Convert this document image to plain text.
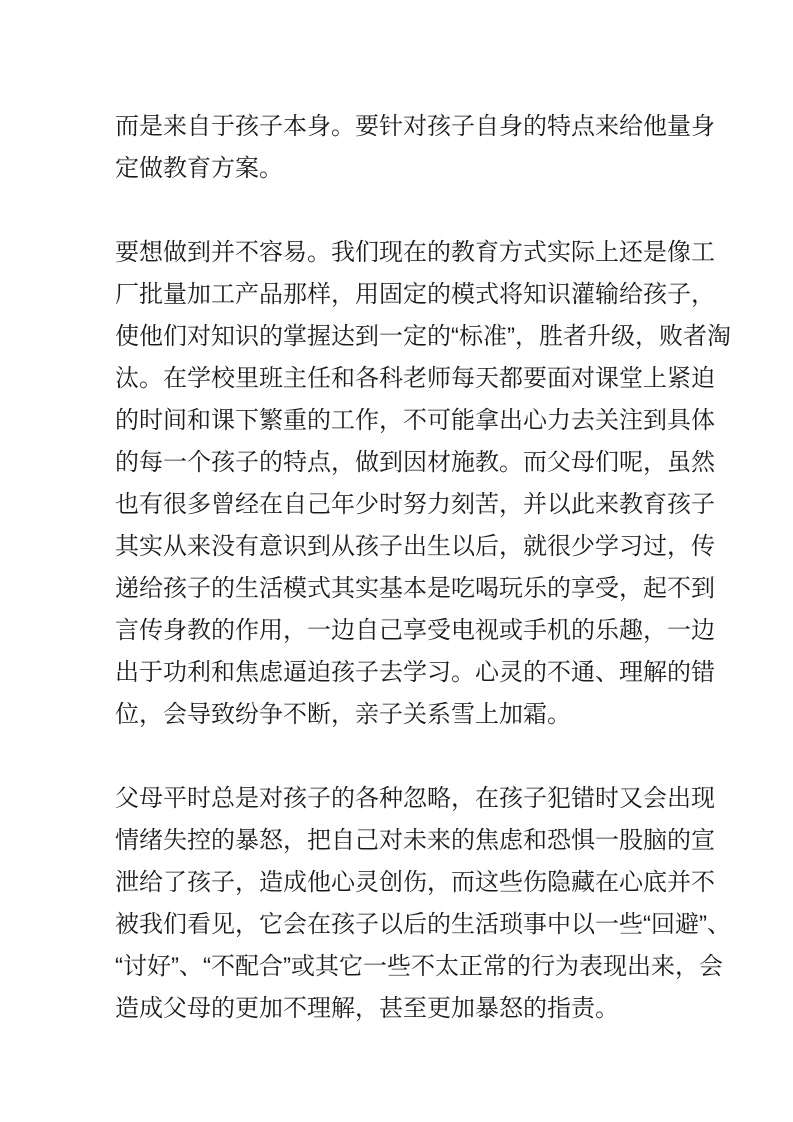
而是来自于孩子本身。要针对孩子自身的特点来给他量身
定做教育方案。
要想做到并不容易。我们现在的教育方式实际上还是像工
厂批量加工产品那样，用固定的模式将知识灌输给孩子，
使他们对知识的掌握达到一定的“标准”，胜者升级，败者淘
汰。在学校里班主任和各科老师每天都要面对课堂上紧迫
的时间和课下繁重的工作，不可能拿出心力去关注到具体
的每一个孩子的特点，做到因材施教。而父母们呢，虽然
也有很多曾经在自己年少时努力刻苦，并以此来教育孩子
其实从来没有意识到从孩子出生以后，就很少学习过，传
递给孩子的生活模式其实基本是吃喝玩乐的享受，起不到
言传身教的作用，一边自己享受电视或手机的乐趣，一边
出于功利和焦虑逼迫孩子去学习。心灵的不通、理解的错
位，会导致纷争不断，亲子关系雪上加霜。
父母平时总是对孩子的各种忽略，在孩子犯错时又会出现
情绪失控的暴怒，把自己对未来的焦虑和恐惧一股脑的宣
泄给了孩子，造成他心灵创伤，而这些伤隐藏在心底并不
被我们看见，它会在孩子以后的生活琐事中以一些“回避”、
“讨好”、“不配合”或其它一些不太正常的行为表现出来，会
造成父母的更加不理解，甚至更加暴怒的指责。
